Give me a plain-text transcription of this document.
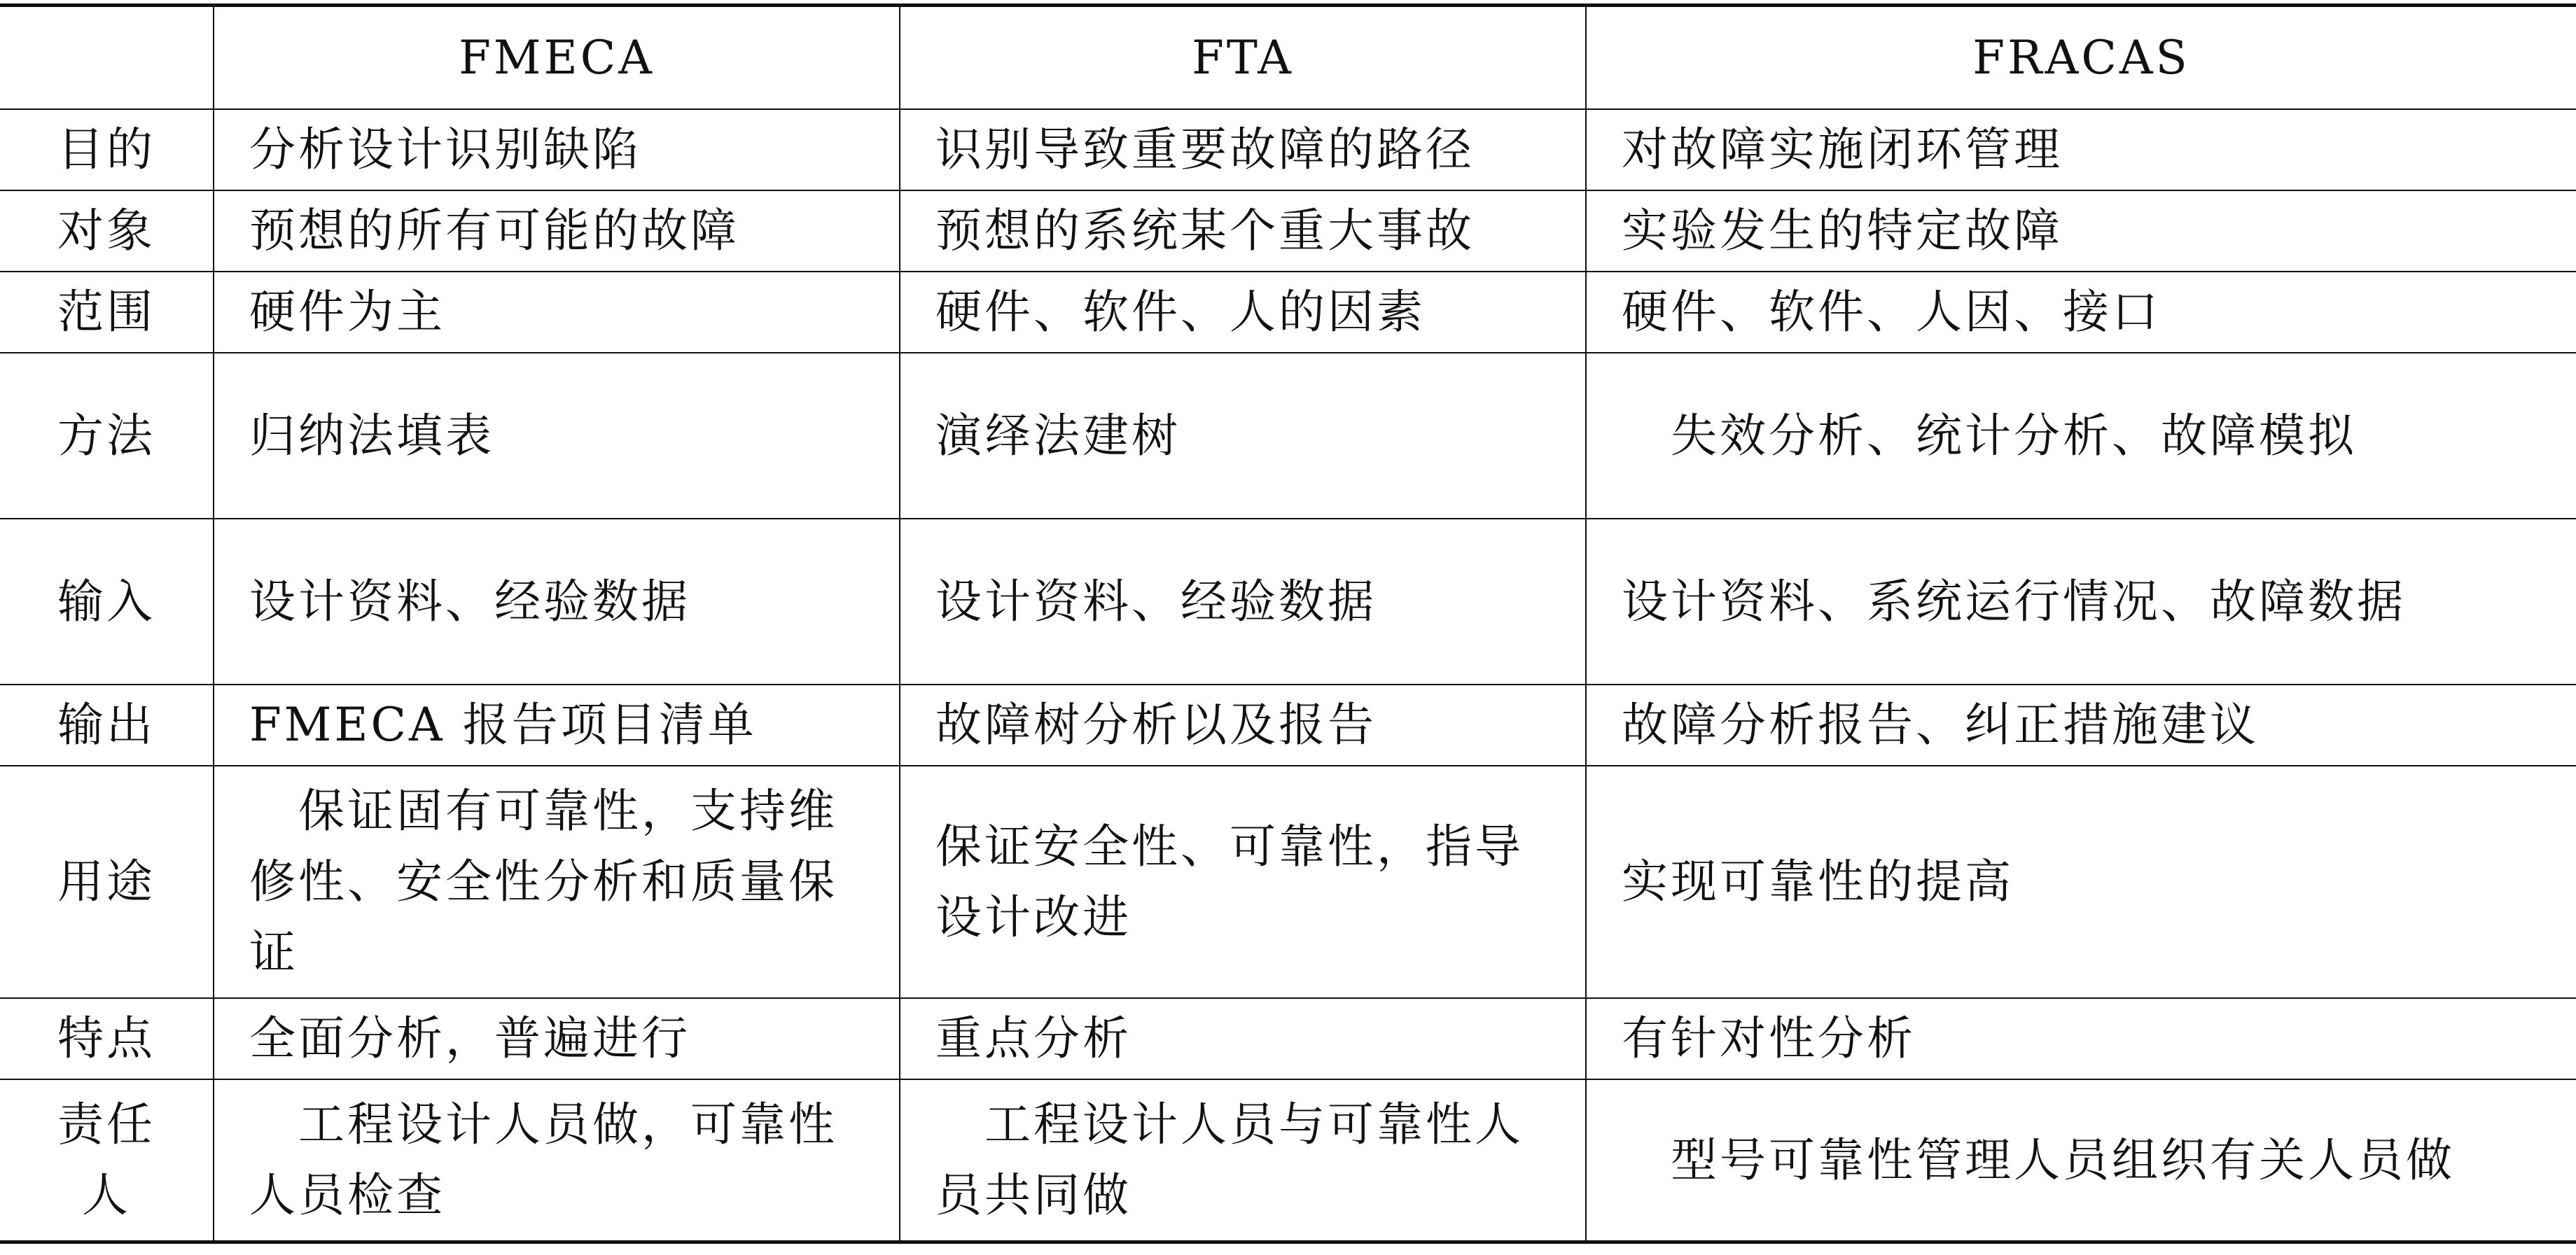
	FMECA	FTA	FRACAS
目的	分析设计识别缺陷	识别导致重要故障的路径	对故障实施闭环管理
对象	预想的所有可能的故障	预想的系统某个重大事故	实验发生的特定故障
范围	硬件为主	硬件、软件、人的因素	硬件、软件、人因、接口
方法	归纳法填表	演绎法建树	失效分析、统计分析、故障模拟
输入	设计资料、经验数据	设计资料、经验数据	设计资料、系统运行情况、故障数据
输出	FMECA 报告项目清单	故障树分析以及报告	故障分析报告、纠正措施建议
用途	保证固有可靠性，支持维修性、安全性分析和质量保证	保证安全性、可靠性，指导设计改进	实现可靠性的提高
特点	全面分析，普遍进行	重点分析	有针对性分析
责任人	工程设计人员做，可靠性人员检查	工程设计人员与可靠性人员共同做	型号可靠性管理人员组织有关人员做
